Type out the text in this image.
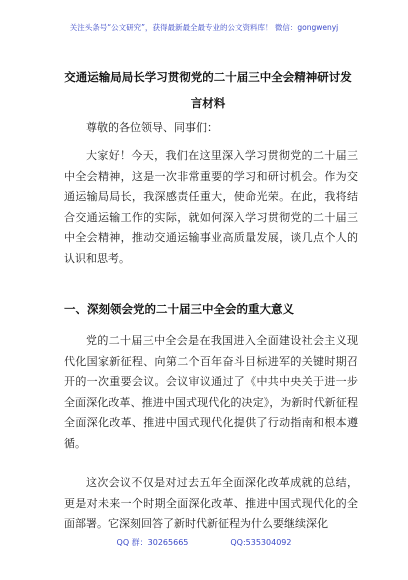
关注头条号“公文研究”，获得最新最全最专业的公文资料库！ 微信：gongwenyj
交通运输局局长学习贯彻党的二十届三中全会精神研讨发
言材料
尊敬的各位领导、同事们：
大家好！今天，我们在这里深入学习贯彻党的二十届三中全会精神，这是一次非常重要的学习和研讨机会。作为交通运输局局长，我深感责任重大，使命光荣。在此，我将结合交通运输工作的实际，就如何深入学习贯彻党的二十届三中全会精神，推动交通运输事业高质量发展，谈几点个人的认识和思考。
一、深刻领会党的二十届三中全会的重大意义
党的二十届三中全会是在我国进入全面建设社会主义现代化国家新征程、向第二个百年奋斗目标进军的关键时期召开的一次重要会议。会议审议通过了《中共中央关于进一步全面深化改革、推进中国式现代化的决定》，为新时代新征程全面深化改革、推进中国式现代化提供了行动指南和根本遵循。
这次会议不仅是对过去五年全面深化改革成就的总结，更是对未来一个时期全面深化改革、推进中国式现代化的全面部署。它深刻回答了新时代新征程为什么要继续深化
QQ 群：30265665	QQ:535304092
